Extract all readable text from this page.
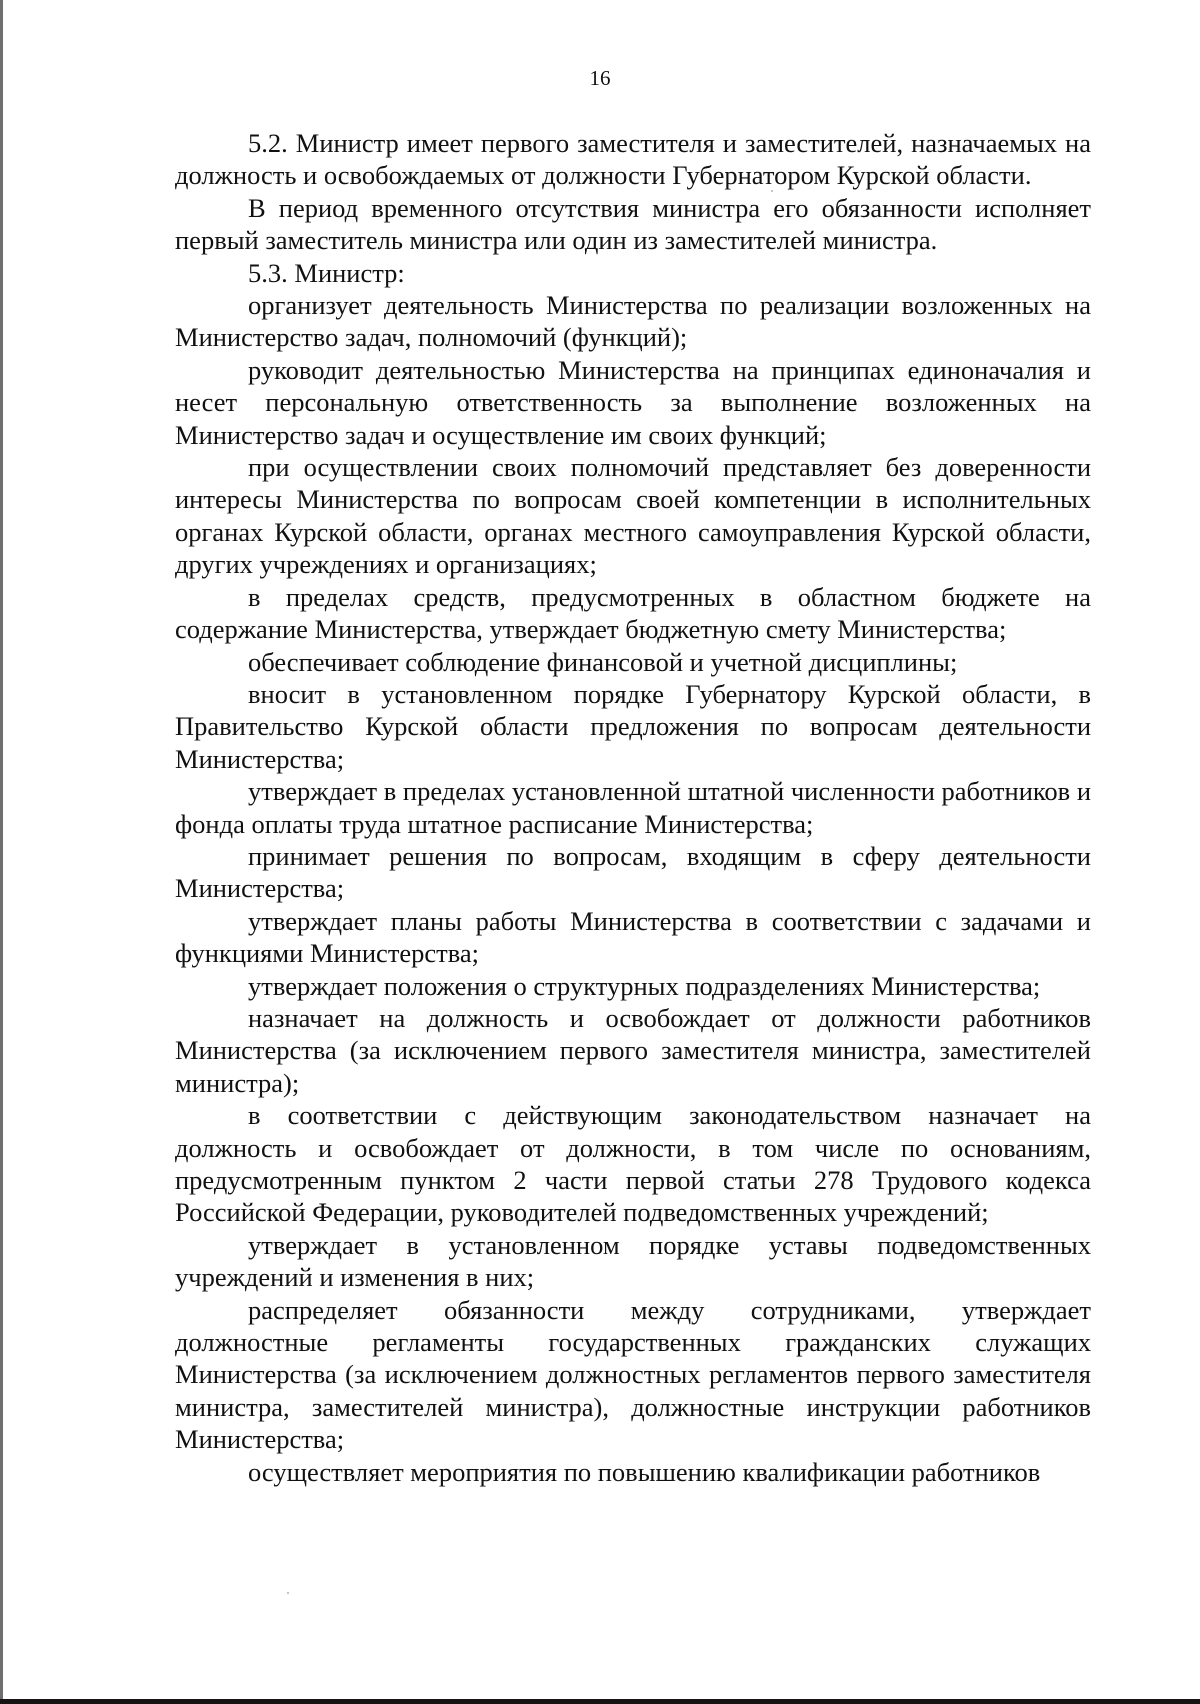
16

5.2. Министр имеет первого заместителя и заместителей, назначаемых на должность и освобождаемых от должности Губернатором Курской области.

В период временного отсутствия министра его обязанности исполняет первый заместитель министра или один из заместителей министра.

5.3. Министр:

организует деятельность Министерства по реализации возложенных на Министерство задач, полномочий (функций);

руководит деятельностью Министерства на принципах единоначалия и несет персональную ответственность за выполнение возложенных на Министерство задач и осуществление им своих функций;

при осуществлении своих полномочий представляет без доверенности интересы Министерства по вопросам своей компетенции в исполнительных органах Курской области, органах местного самоуправления Курской области, других учреждениях и организациях;

в пределах средств, предусмотренных в областном бюджете на содержание Министерства, утверждает бюджетную смету Министерства;

обеспечивает соблюдение финансовой и учетной дисциплины;

вносит в установленном порядке Губернатору Курской области, в Правительство Курской области предложения по вопросам деятельности Министерства;

утверждает в пределах установленной штатной численности работников и фонда оплаты труда штатное расписание Министерства;

принимает решения по вопросам, входящим в сферу деятельности Министерства;

утверждает планы работы Министерства в соответствии с задачами и функциями Министерства;

утверждает положения о структурных подразделениях Министерства;

назначает на должность и освобождает от должности работников Министерства (за исключением первого заместителя министра, заместителей министра);

в соответствии с действующим законодательством назначает на должность и освобождает от должности, в том числе по основаниям, предусмотренным пунктом 2 части первой статьи 278 Трудового кодекса Российской Федерации, руководителей подведомственных учреждений;

утверждает в установленном порядке уставы подведомственных учреждений и изменения в них;

распределяет обязанности между сотрудниками, утверждает должностные регламенты государственных гражданских служащих Министерства (за исключением должностных регламентов первого заместителя министра, заместителей министра), должностные инструкции работников Министерства;

осуществляет мероприятия по повышению квалификации работников
